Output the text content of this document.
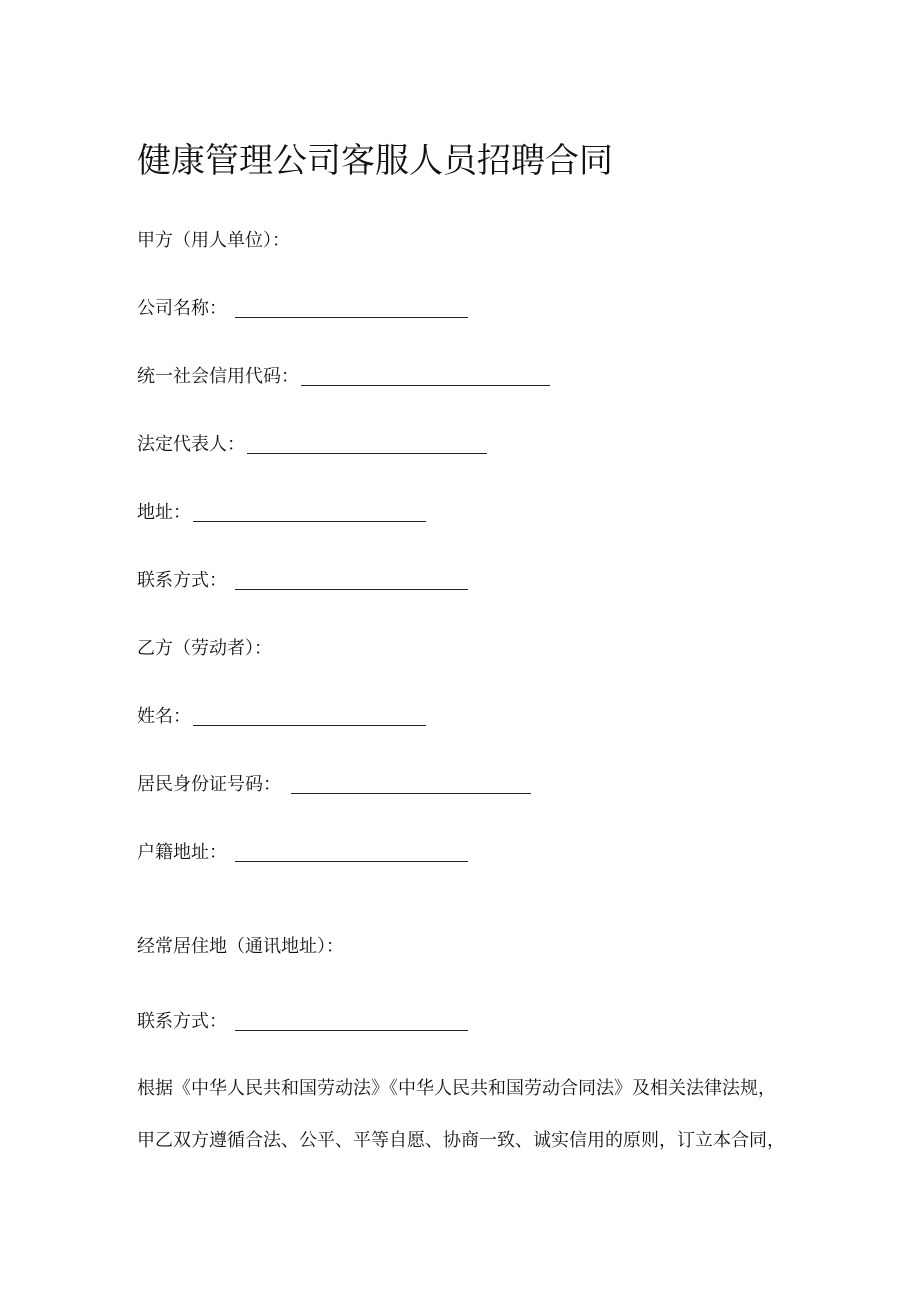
健康管理公司客服人员招聘合同
甲方（用人单位）：
公司名称：
统一社会信用代码：
法定代表人：
地址：
联系方式：
乙方（劳动者）：
姓名：
居民身份证号码：
户籍地址：
经常居住地（通讯地址）：
联系方式：
根据《中华人民共和国劳动法》《中华人民共和国劳动合同法》及相关法律法规，
甲乙双方遵循合法、公平、平等自愿、协商一致、诚实信用的原则，订立本合同，
